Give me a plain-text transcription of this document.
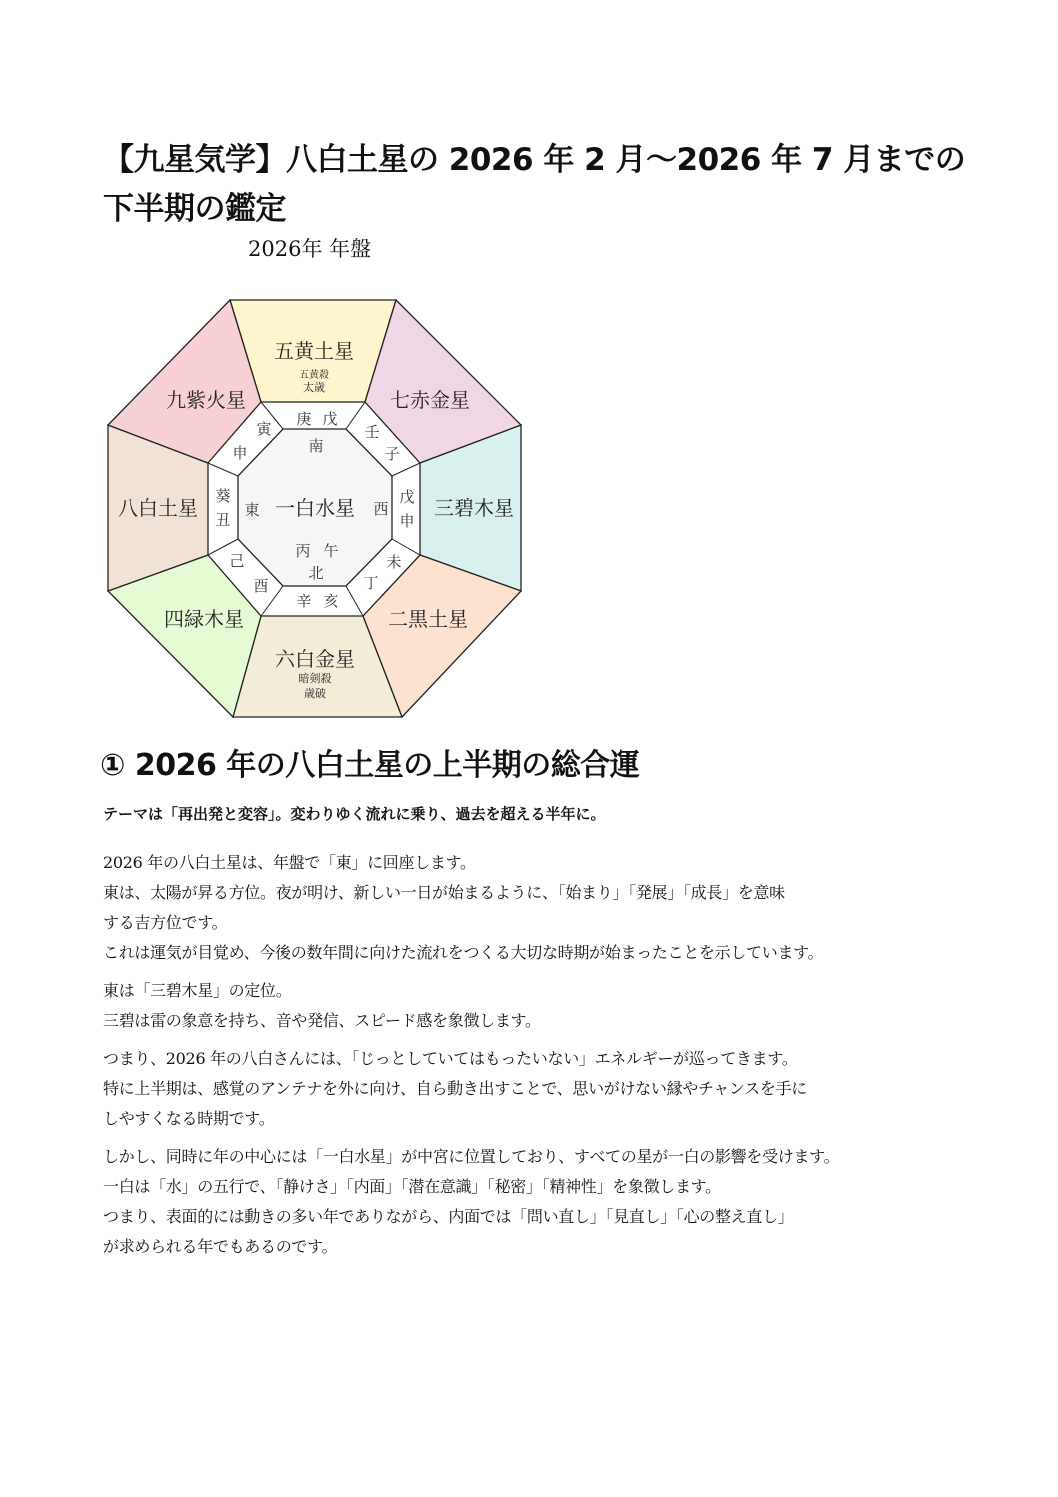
【九星気学】八白土星の 2026 年 2 月～2026 年 7 月までの
下半期の鑑定
2026年 年盤
五黄土星
五黄殺
太歳
七赤金星
三碧木星
二黒土星
六白金星
暗剣殺
歳破
四緑木星
八白土星
九紫火星
一白水星
庚 戊
南
壬
子
戊
申
西
未
丁
辛 亥
北
丙 午
己
酉
葵
丑
東
寅
申
① 2026 年の八白土星の上半期の総合運

テーマは「再出発と変容」。変わりゆく流れに乗り、過去を超える半年に。

2026 年の八白土星は、年盤で「東」に回座します。
東は、太陽が昇る方位。夜が明け、新しい一日が始まるように、「始まり」「発展」「成長」を意味
する吉方位です。
これは運気が目覚め、今後の数年間に向けた流れをつくる大切な時期が始まったことを示しています。

東は「三碧木星」の定位。
三碧は雷の象意を持ち、音や発信、スピード感を象徴します。

つまり、2026 年の八白さんには、「じっとしていてはもったいない」エネルギーが巡ってきます。
特に上半期は、感覚のアンテナを外に向け、自ら動き出すことで、思いがけない縁やチャンスを手に
しやすくなる時期です。

しかし、同時に年の中心には「一白水星」が中宮に位置しており、すべての星が一白の影響を受けます。
一白は「水」の五行で、「静けさ」「内面」「潜在意識」「秘密」「精神性」を象徴します。
つまり、表面的には動きの多い年でありながら、内面では「問い直し」「見直し」「心の整え直し」
が求められる年でもあるのです。
